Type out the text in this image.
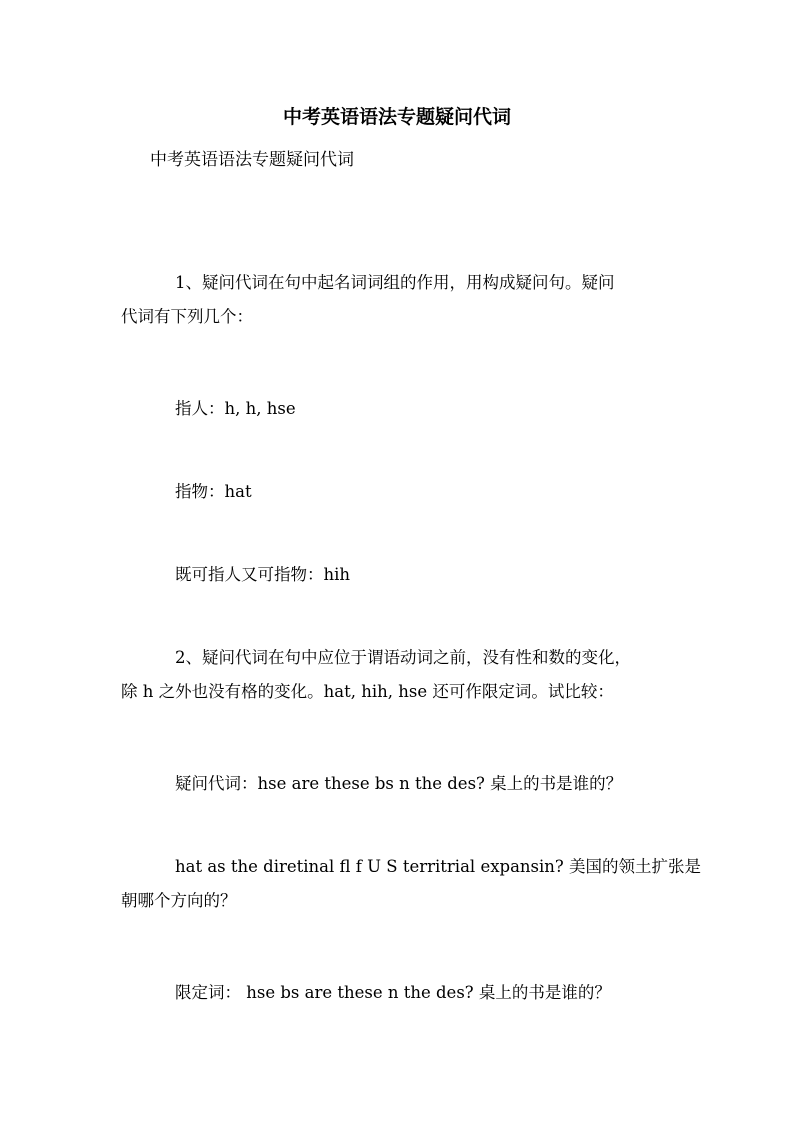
中考英语语法专题疑问代词

中考英语语法专题疑问代词

1、疑问代词在句中起名词词组的作用，用构成疑问句。疑问
代词有下列几个：

指人：h, h, hse

指物：hat

既可指人又可指物：hih

2、疑问代词在句中应位于谓语动词之前，没有性和数的变化，
除 h 之外也没有格的变化。hat, hih, hse 还可作限定词。试比较：

疑问代词：hse are these bs n the des? 桌上的书是谁的？

hat as the diretinal fl f U S territrial expansin? 美国的领土扩张是
朝哪个方向的？

限定词： hse bs are these n the des? 桌上的书是谁的？
